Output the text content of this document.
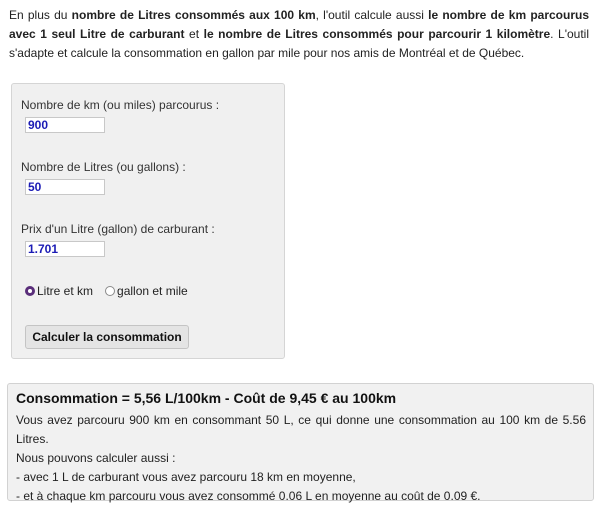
En plus du nombre de Litres consommés aux 100 km, l'outil calcule aussi le nombre de km parcourus avec 1 seul Litre de carburant et le nombre de Litres consommés pour parcourir 1 kilomètre. L'outil s'adapte et calcule la consommation en gallon par mile pour nos amis de Montréal et de Québec.

Nombre de km (ou miles) parcourus :
900
Nombre de Litres (ou gallons) :
50
Prix d'un Litre (gallon) de carburant :
1.701
Litre et km gallon et mile
Calculer la consommation
Consommation = 5,56 L/100km - Coût de 9,45 € au 100km

Vous avez parcouru 900 km en consommant 50 L, ce qui donne une consommation au 100 km de 5.56 Litres.
Nous pouvons calculer aussi :
- avec 1 L de carburant vous avez parcouru 18 km en moyenne,
- et à chaque km parcouru vous avez consommé 0.06 L en moyenne au coût de 0.09 €.
